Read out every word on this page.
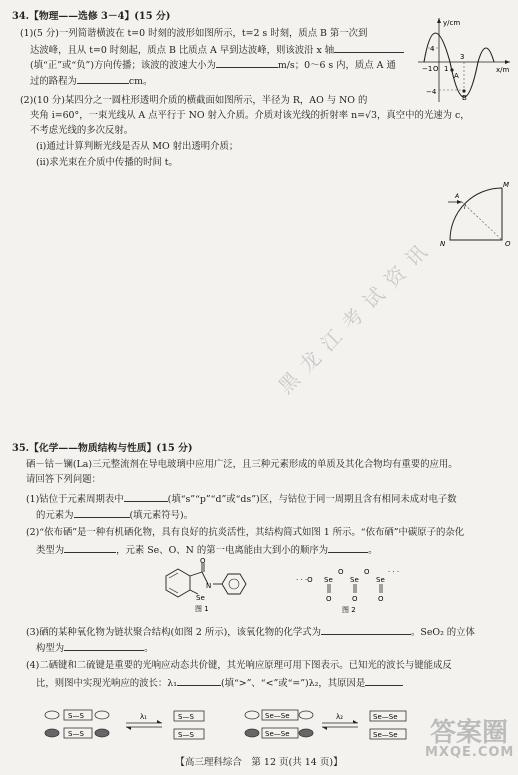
34.【物理——选修 3－4】(15 分)
(1)(5 分)一列简谐横波在 t=0 时刻的波形如图所示，t=2 s 时刻，质点 B 第一次到
达波峰，且从 t=0 时刻起，质点 B 比质点 A 早到达波峰，则该波沿 x 轴
(填“正”或“负”)方向传播；该波的波速大小为	m/s；0～6 s 内，质点 A 通
过的路程为	cm。
(2)(10 分)某四分之一圆柱形透明介质的横截面如图所示，半径为 R，AO 与 NO 的
夹角 i=60°，一束光线从 A 点平行于 NO 射入介质。介质对该光线的折射率 n=√3，真空中的光速为 c，
不考虑光线的多次反射。
(ⅰ)通过计算判断光线是否从 MO 射出透明介质；
(ⅱ)求光束在介质中传播的时间 t。
y/cm
4
−4
−1 O 1
3
A
B
x/m
M
N	O
A
i
黑龙江考试资讯
35.【化学——物质结构与性质】(15 分)
硒－钴－镧(La)三元整流剂在导电玻璃中应用广泛，且三种元素形成的单质及其化合物均有重要的应用。
请回答下列问题：
(1)钴位于元素周期表中	(填“s”“p”“d”或“ds”)区，与钴位于同一周期且含有相同未成对电子数
的元素为	(填元素符号)。
(2)“依布硒”是一种有机硒化物，具有良好的抗炎活性，其结构简式如图 1 所示。“依布硒”中碳原子的杂化
类型为	，元素 Se、O、N 的第一电离能由大到小的顺序为	。
O
N
Se
图 1
· · ·O Se
O
Se
O
Se
· · ·
O	O	O
图 2
(3)硒的某种氧化物为链状聚合结构(如图 2 所示)，该氧化物的化学式为	。SeO₂ 的立体
构型为	。
(4)二硒键和二硫键是重要的光响应动态共价键，其光响应原理可用下图表示。已知光的波长与键能成反
比，则图中实现光响应的波长：λ₁	(填“>”、“<”或“=”)λ₂，其原因是
S—S
S—S
λ₁	S—S
S—S
Se—Se
Se—Se
λ₂	Se—Se
Se—Se 答案圈
MXQE.COM
【高三理科综合　第 12 页(共 14 页)】
